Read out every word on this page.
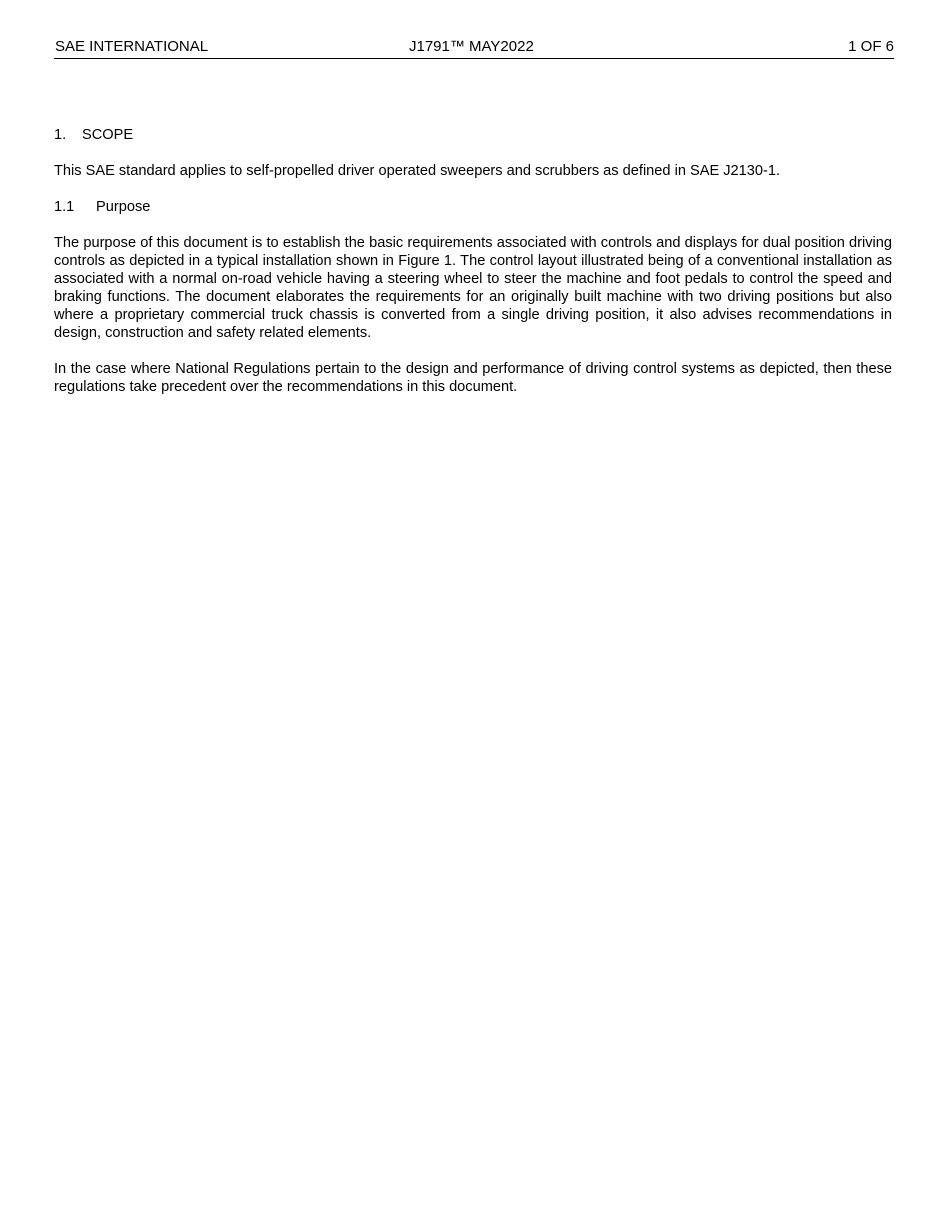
SAE INTERNATIONAL	J1791™ MAY2022	1 OF 6
1. SCOPE

This SAE standard applies to self-propelled driver operated sweepers and scrubbers as defined in SAE J2130-1.

1.1 Purpose

The purpose of this document is to establish the basic requirements associated with controls and displays for dual position driving controls as depicted in a typical installation shown in Figure 1. The control layout illustrated being of a conventional installation as associated with a normal on-road vehicle having a steering wheel to steer the machine and foot pedals to control the speed and braking functions. The document elaborates the requirements for an originally built machine with two driving positions but also where a proprietary commercial truck chassis is converted from a single driving position, it also advises recommendations in design, construction and safety related elements.

In the case where National Regulations pertain to the design and performance of driving control systems as depicted, then these regulations take precedent over the recommendations in this document.
